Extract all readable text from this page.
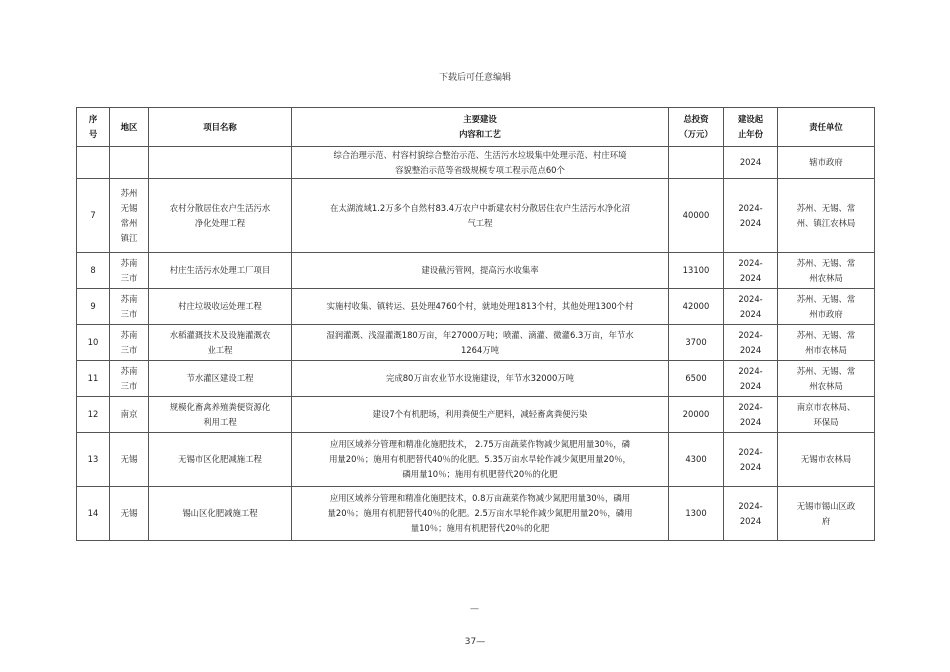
下载后可任意编辑
序
号	地区	项目名称	主要建设
内容和工艺	总投资
（万元）	建设起
止年份	责任单位

			综合治理示范、村容村貌综合整治示范、生活污水垃圾集中处理示范、村庄环境
容貌整治示范等省级规模专项工程示范点60个		2024	辖市政府

7	苏州
无锡
常州
镇江	农村分散居住农户生活污水
净化处理工程	在太湖流域1.2万多个自然村83.4万农户中新建农村分散居住农户生活污水净化沼
气工程	40000	2024-
2024	苏州、无锡、常
州、镇江农林局

8	苏南
三市	村庄生活污水处理工厂项目	建设截污管网，提高污水收集率	13100	2024-
2024	苏州、无锡、常
州农林局

9	苏南
三市	村庄垃圾收运处理工程	实施村收集、镇转运、县处理4760个村，就地处理1813个村，其他处理1300个村	42000	2024-
2024	苏州、无锡、常
州市政府

10	苏南
三市	水稻灌溉技术及设施灌溉农
业工程	湿润灌溉、浅湿灌溉180万亩，年27000万吨；喷灌、滴灌、微灌6.3万亩，年节水
1264万吨	3700	2024-
2024	苏州、无锡、常
州市农林局

11	苏南
三市	节水灌区建设工程	完成80万亩农业节水设施建设，年节水32000万吨	6500	2024-
2024	苏州、无锡、常
州农林局

12	南京	规模化畜禽养殖粪便资源化
利用工程	建设7个有机肥场，利用粪便生产肥料，减轻畜禽粪便污染	20000	2024-
2024	南京市农林局、
环保局

13	无锡	无锡市区化肥减施工程	应用区域养分管理和精准化施肥技术， 2.75万亩蔬菜作物减少氮肥用量30％，磷
用量20％；施用有机肥替代40％的化肥。5.35万亩水旱轮作减少氮肥用量20％，
磷用量10％；施用有机肥替代20％的化肥	4300	2024-
2024	无锡市农林局

14	无锡	锡山区化肥减施工程	应用区域养分管理和精准化施肥技术，0.8万亩蔬菜作物减少氮肥用量30％，磷用
量20％；施用有机肥替代40％的化肥。2.5万亩水旱轮作减少氮肥用量20％，磷用
量10％；施用有机肥替代20％的化肥	1300	2024-
2024	无锡市锡山区政
府
—
37—
